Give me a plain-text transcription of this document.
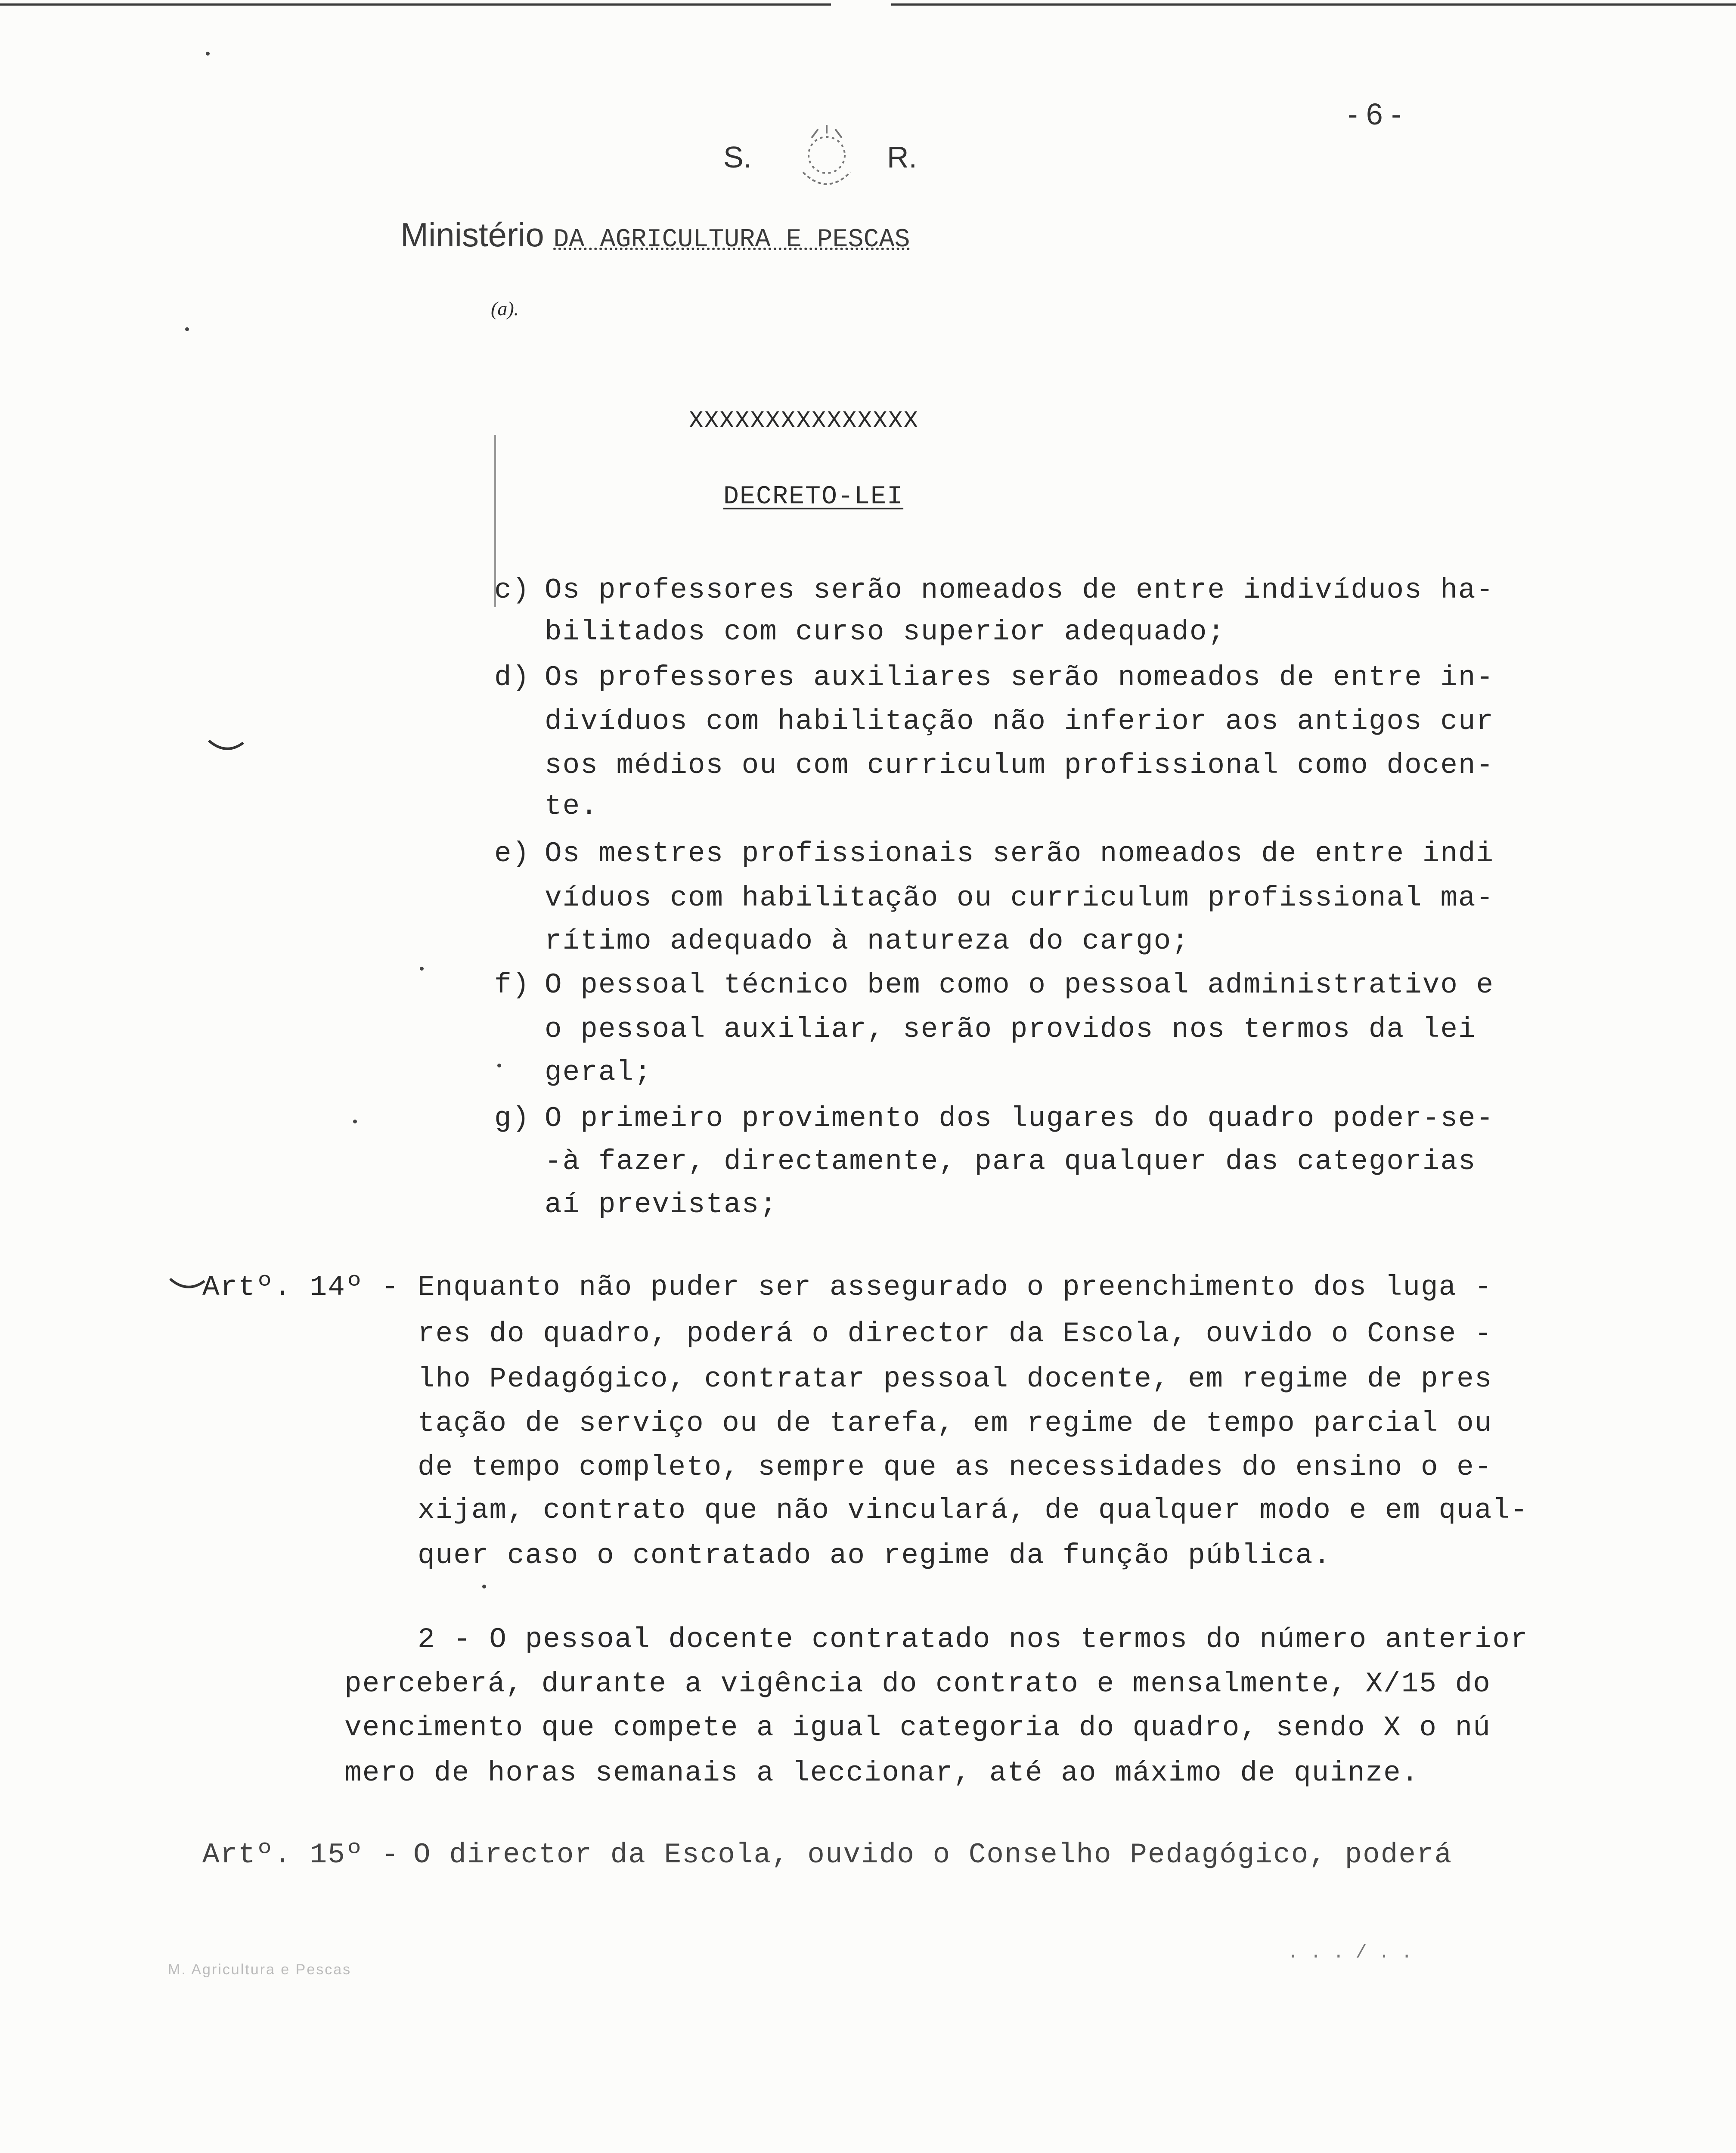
- 6 -
S.	R.
Ministério DA AGRICULTURA E PESCAS
(a).
XXXXXXXXXXXXXXX
DECRETO-LEI
c) Os professores serão nomeados de entre indivíduos ha-
bilitados com curso superior adequado;
d) Os professores auxiliares serão nomeados de entre in-
divíduos com habilitação não inferior aos antigos cur
sos médios ou com curriculum profissional como docen-
te.
e) Os mestres profissionais serão nomeados de entre indi
víduos com habilitação ou curriculum profissional ma-
rítimo adequado à natureza do cargo;
f) O pessoal técnico bem como o pessoal administrativo e
o pessoal auxiliar, serão providos nos termos da lei
geral;
g) O primeiro provimento dos lugares do quadro poder-se-
-à fazer, directamente, para qualquer das categorias
aí previstas;
Artº. 14º - Enquanto não puder ser assegurado o preenchimento dos luga -
res do quadro, poderá o director da Escola, ouvido o Conse -
lho Pedagógico, contratar pessoal docente, em regime de pres
tação de serviço ou de tarefa, em regime de tempo parcial ou
de tempo completo, sempre que as necessidades do ensino o e-
xijam, contrato que não vinculará, de qualquer modo e em qual-
quer caso o contratado ao regime da função pública.
2 - O pessoal docente contratado nos termos do número anterior
perceberá, durante a vigência do contrato e mensalmente, X/15 do
vencimento que compete a igual categoria do quadro, sendo X o nú
mero de horas semanais a leccionar, até ao máximo de quinze.
Artº. 15º - O director da Escola, ouvido o Conselho Pedagógico, poderá
. . . / . .
M. Agricultura e Pescas
